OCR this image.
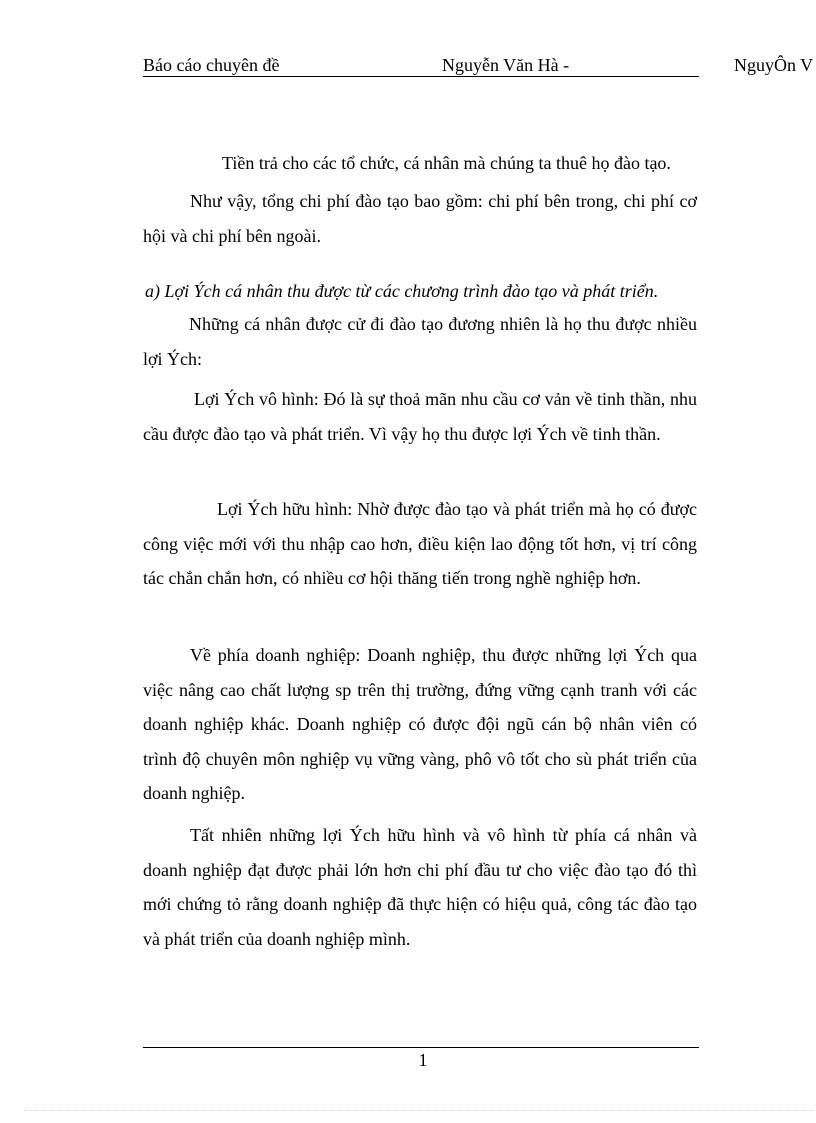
Báo cáo chuyên đề	Nguyễn Văn Hà -	NguyÔn V

Tiền trả cho các tổ chức, cá nhân mà chúng ta thuê họ đào tạo.

Như vậy, tổng chi phí đào tạo bao gồm: chi phí bên trong, chi phí cơ hội và chi phí bên ngoài.

a) Lợi Ých cá nhân thu được từ các chương trình đào tạo và phát triển.

Những cá nhân được cử đi đào tạo đương nhiên là họ thu được nhiều lợi Ých:

Lợi Ých vô hình: Đó là sự thoả mãn nhu cầu cơ vản về tinh thần, nhu cầu được đào tạo và phát triển. Vì vậy họ thu được lợi Ých về tinh thần.

Lợi Ých hữu hình: Nhờ được đào tạo và phát triển mà họ có được công việc mới với thu nhập cao hơn, điều kiện lao động tốt hơn, vị trí công tác chắn chắn hơn, có nhiều cơ hội thăng tiến trong nghề nghiệp hơn.

Về phía doanh nghiệp: Doanh nghiệp, thu được những lợi Ých qua việc nâng cao chất lượng sp trên thị trường, đứng vững cạnh tranh với các doanh nghiệp khác. Doanh nghiệp có được đội ngũ cán bộ nhân viên có trình độ chuyên môn nghiệp vụ vững vàng, phô vô tốt cho sù phát triển của doanh nghiệp.

Tất nhiên những lợi Ých hữu hình và vô hình từ phía cá nhân và doanh nghiệp đạt được phải lớn hơn chi phí đầu tư cho việc đào tạo đó thì mới chứng tỏ rằng doanh nghiệp đã thực hiện có hiệu quả, công tác đào tạo và phát triển của doanh nghiệp mình.

1
